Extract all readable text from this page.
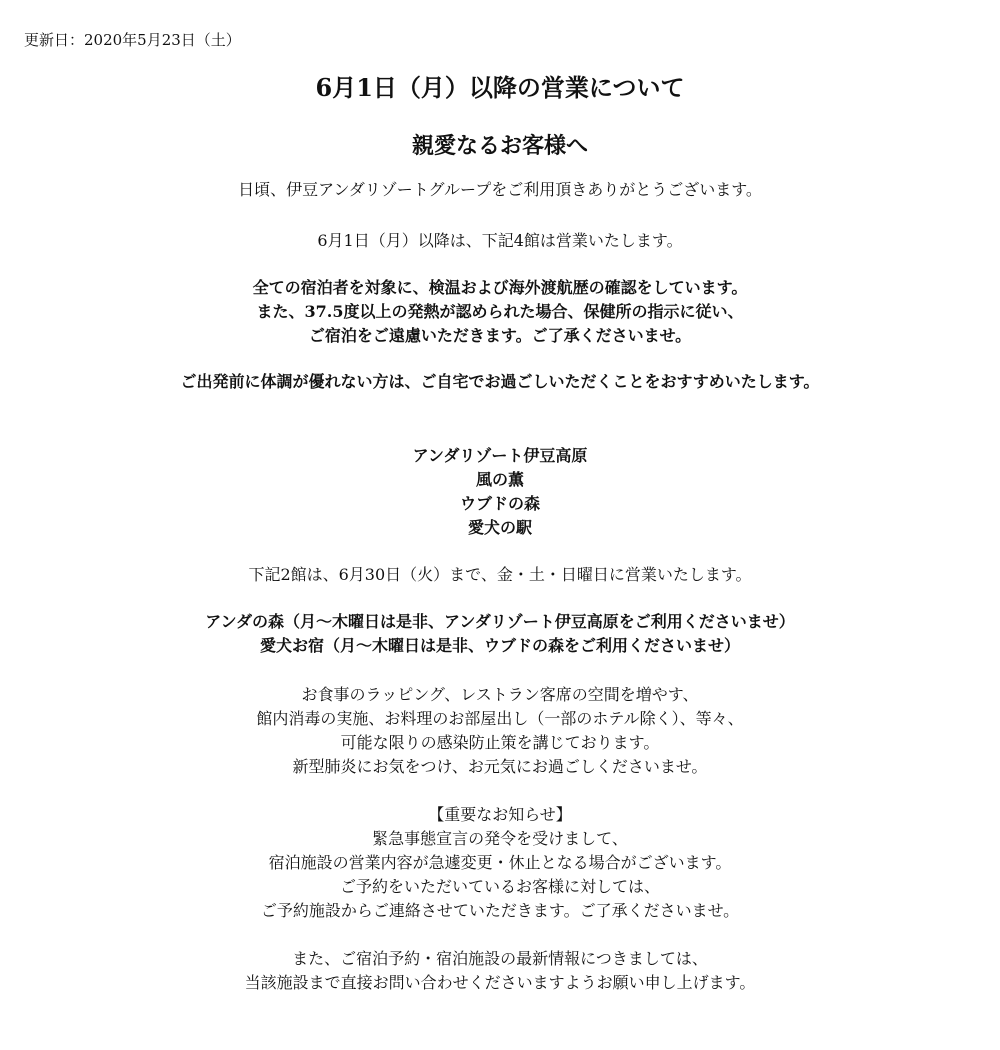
更新日：2020年5月23日（土）
6月1日（月）以降の営業について
親愛なるお客様へ

日頃、伊豆アンダリゾートグループをご利用頂きありがとうございます。

6月1日（月）以降は、下記4館は営業いたします。

全ての宿泊者を対象に、検温および海外渡航歴の確認をしています。
また、37.5度以上の発熱が認められた場合、保健所の指示に従い、
ご宿泊をご遠慮いただきます。ご了承くださいませ。

ご出発前に体調が優れない方は、ご自宅でお過ごしいただくことをおすすめいたします。

アンダリゾート伊豆高原
風の薫
ウブドの森
愛犬の駅

下記2館は、6月30日（火）まで、金・土・日曜日に営業いたします。

アンダの森（月〜木曜日は是非、アンダリゾート伊豆高原をご利用くださいませ）
愛犬お宿（月〜木曜日は是非、ウブドの森をご利用くださいませ）
お食事のラッピング、レストラン客席の空間を増やす、
館内消毒の実施、お料理のお部屋出し（一部のホテル除く）、等々、
可能な限りの感染防止策を講じております。
新型肺炎にお気をつけ、お元気にお過ごしくださいませ。
【重要なお知らせ】
緊急事態宣言の発令を受けまして、
宿泊施設の営業内容が急遽変更・休止となる場合がございます。
ご予約をいただいているお客様に対しては、
ご予約施設からご連絡させていただきます。ご了承くださいませ。
また、ご宿泊予約・宿泊施設の最新情報につきましては、
当該施設まで直接お問い合わせくださいますようお願い申し上げます。
